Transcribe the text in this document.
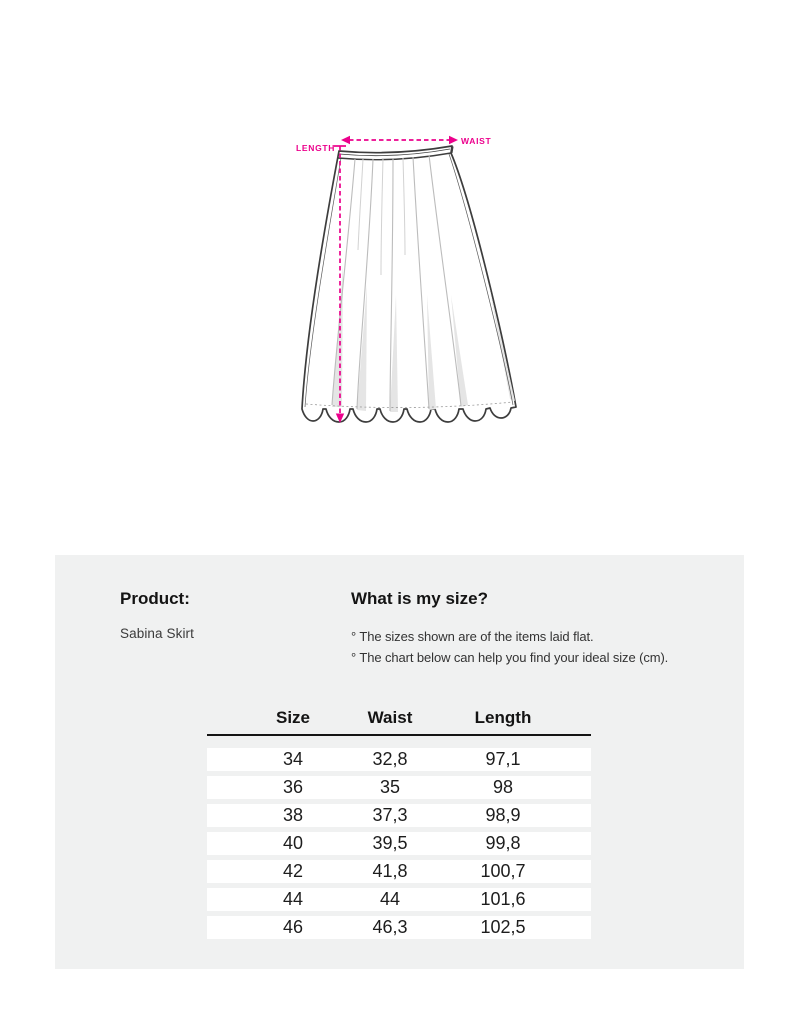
LENGTH
WAIST
Product:
Sabina Skirt
What is my size?
° The sizes shown are of the items laid flat.
° The chart below can help you find your ideal size (cm).
Size	Waist	Length
34	32,8	97,1
36	35	98
38	37,3	98,9
40	39,5	99,8
42	41,8	100,7
44	44	101,6
46	46,3	102,5
